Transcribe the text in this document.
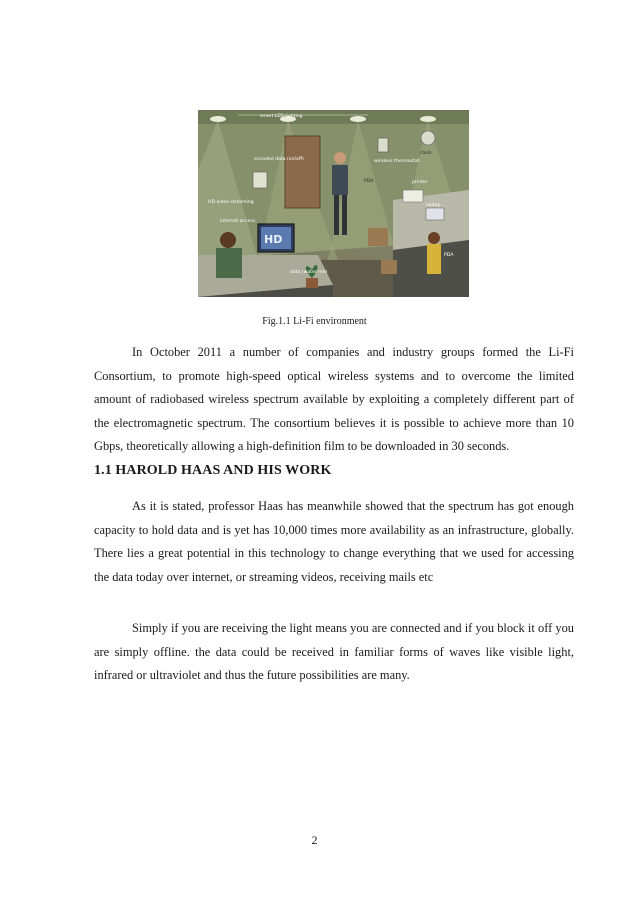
smart LED lighting
encoded data (on/off)	wireless thermostat
clock
PDA	printer
laptop
PDA
HD
HD video streaming
internet access
data (water me)
Fig.1.1 Li-Fi environment

In October 2011 a number of companies and industry groups formed the Li-Fi Consortium, to promote high-speed optical wireless systems and to overcome the limited amount of radiobased wireless spectrum available by exploiting a completely different part of the electromagnetic spectrum. The consortium believes it is possible to achieve more than 10 Gbps, theoretically allowing a high-definition film to be downloaded in 30 seconds.

1.1 HAROLD HAAS AND HIS WORK

As it is stated, professor Haas has meanwhile showed that the spectrum has got enough capacity to hold data and is yet has 10,000 times more availability as an infrastructure, globally. There lies a great potential in this technology to change everything that we used for accessing the data today over internet, or streaming videos, receiving mails etc

Simply if you are receiving the light means you are connected and if you block it off you are simply offline. the data could be received in familiar forms of waves like visible light, infrared or ultraviolet and thus the future possibilities are many.

2
